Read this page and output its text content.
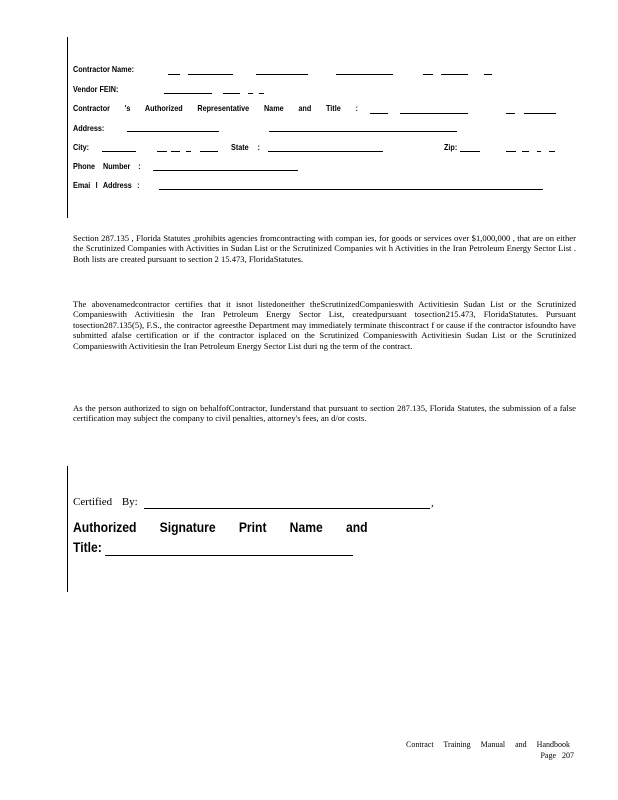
Contractor Name:
Vendor FEIN:
Contractor 's Authorized Representative Name and Title :
Address:
City:	State :	Zip:
Phone Number :
Emai l Address :
Section 287.135 , Florida Statutes ,prohibits agencies fromcontracting with compan ies, for goods or services over $1,000,000 , that are on either the Scrutinized Companies with Activities in Sudan List or the Scrutinized Companies wit h Activities in the Iran Petroleum Energy Sector List . Both lists are created pursuant to section 2 15.473, FloridaStatutes.
The abovenamedcontractor certifies that it isnot listedoneither theScrutinizedCompanieswith Activitiesin Sudan List or the Scrutinized Companieswith Activitiesin the Iran Petroleum Energy Sector List, createdpursuant tosection215.473, FloridaStatutes. Pursuant tosection287.135(5), F.S., the contractor agreesthe Department may immediately terminate thiscontract f or cause if the contractor isfoundto have submitted afalse certification or if the contractor isplaced on the Scrutinized Companieswith Activitiesin Sudan List or the Scrutinized Companieswith Activitiesin the Iran Petroleum Energy Sector List duri ng the term of the contract.
As the person authorized to sign on behalfofContractor, Iunderstand that pursuant to section 287.135, Florida Statutes, the submission of a false certification may subject the company to civil penalties, attorney's fees, an d/or costs.
Certified By:	,
Authorized Signature Print Name and
Title:
Contract Training Manual and Handbook
Page 207
